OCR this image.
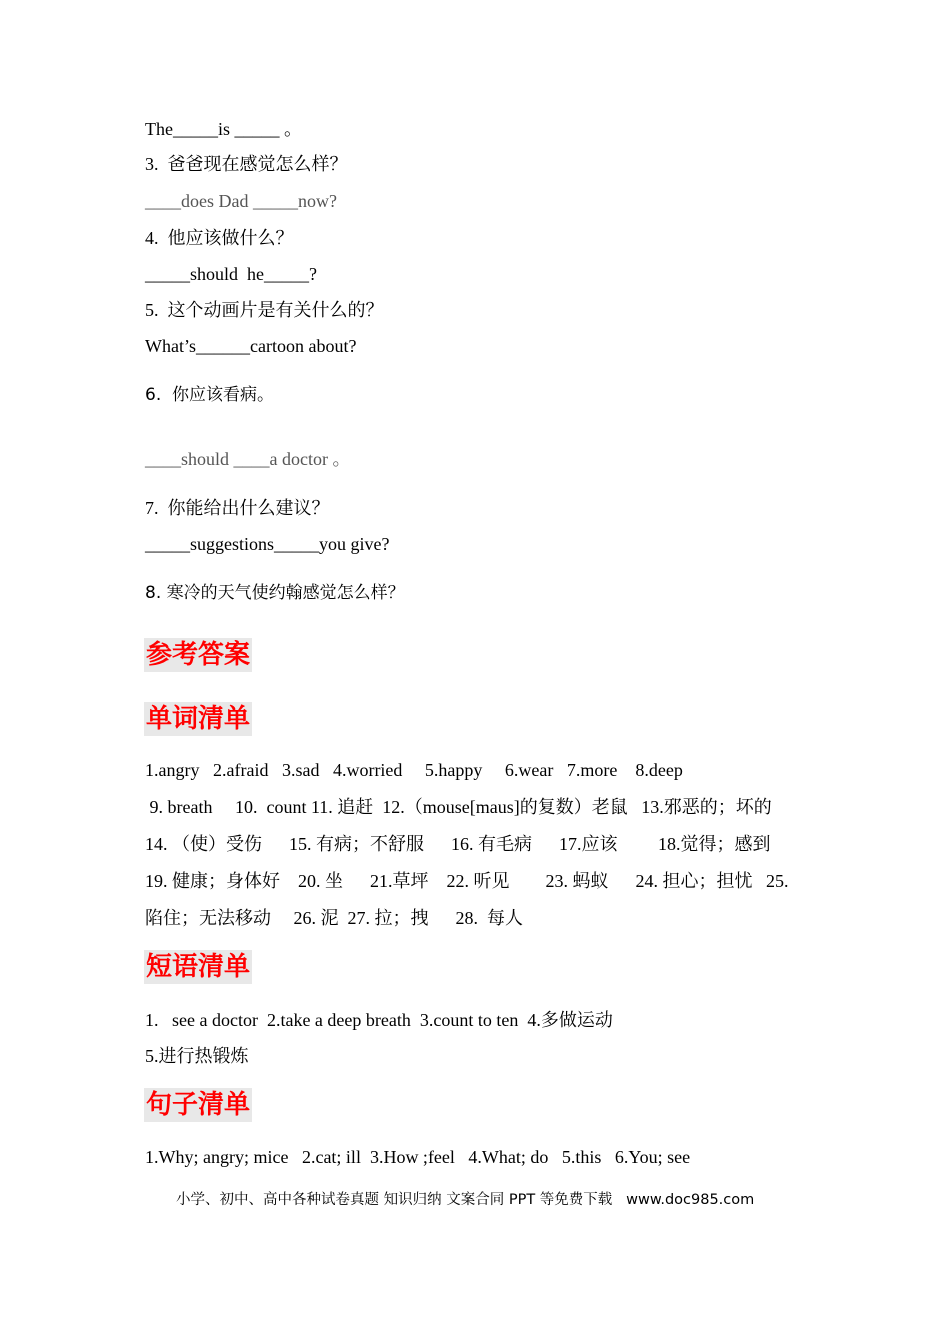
The_____is _____ 。
3.  爸爸现在感觉怎么样？
____does Dad _____now?
4.  他应该做什么？
_____should  he_____?
5.  这个动画片是有关什么的？
What’s______cartoon about?
6.  你应该看病。
____should ____a doctor 。
7.  你能给出什么建议？
_____suggestions_____you give?
8. 寒冷的天气使约翰感觉怎么样？
参考答案
单词清单
1.angry   2.afraid   3.sad   4.worried     5.happy     6.wear   7.more    8.deep
9. breath     10.  count 11. 追赶  12.（mouse[maus]的复数）老鼠   13.邪恶的；坏的
14. （使）受伤      15. 有病；不舒服      16. 有毛病      17.应该         18.觉得；感到
19. 健康；身体好    20. 坐      21.草坪    22. 听见        23. 蚂蚁      24. 担心；担忧   25.
陷住；无法移动     26. 泥  27. 拉；拽      28.  每人
短语清单
1.   see a doctor  2.take a deep breath  3.count to ten  4.多做运动
5.进行热锻炼
句子清单
1.Why; angry; mice   2.cat; ill  3.How ;feel   4.What; do   5.this   6.You; see
小学、初中、高中各种试卷真题 知识归纳 文案合同 PPT 等免费下载   www.doc985.com
